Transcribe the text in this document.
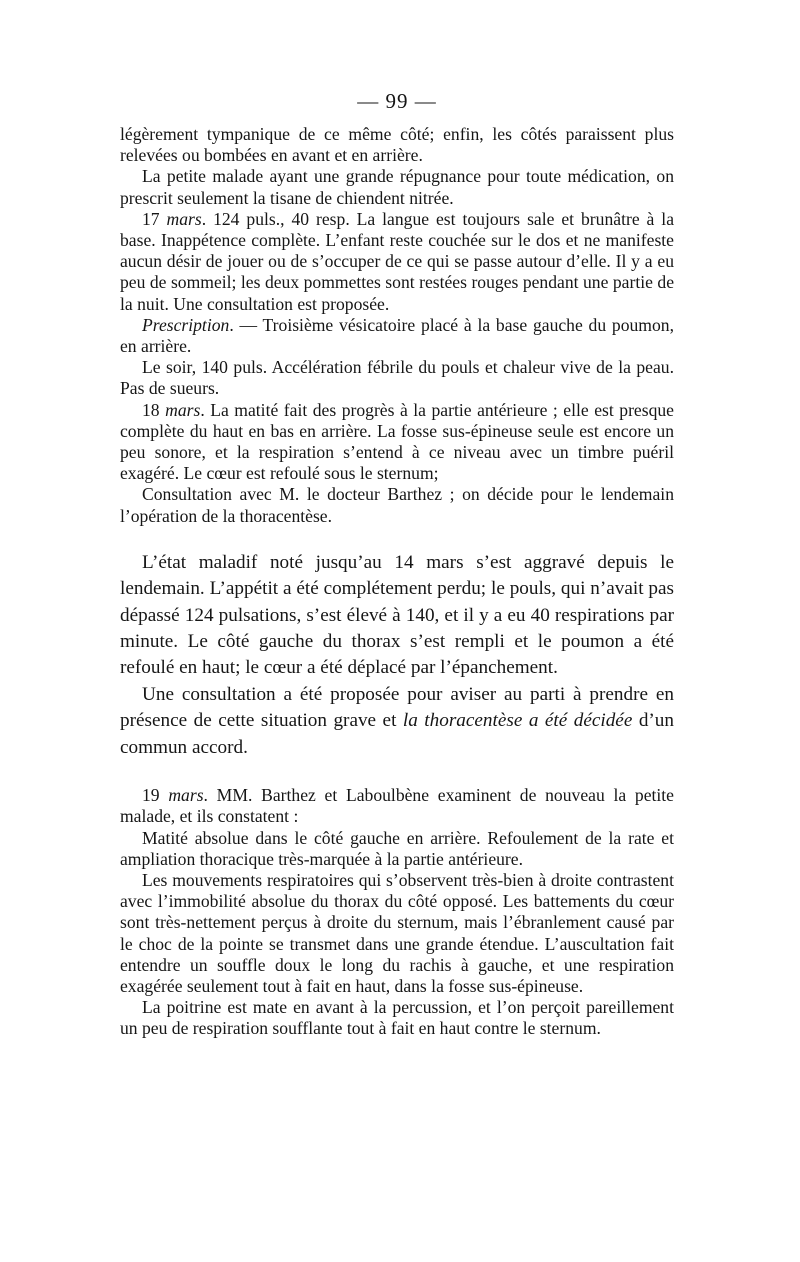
— 99 —

légèrement tympanique de ce même côté; enfin, les côtés paraissent plus relevées ou bombées en avant et en arrière.

La petite malade ayant une grande répugnance pour toute médication, on prescrit seulement la tisane de chiendent nitrée.

17 mars. 124 puls., 40 resp. La langue est toujours sale et brunâtre à la base. Inappétence complète. L’enfant reste couchée sur le dos et ne manifeste aucun désir de jouer ou de s’occuper de ce qui se passe autour d’elle. Il y a eu peu de sommeil; les deux pommettes sont restées rouges pendant une partie de la nuit. Une consultation est proposée.

Prescription. — Troisième vésicatoire placé à la base gauche du poumon, en arrière.

Le soir, 140 puls. Accélération fébrile du pouls et chaleur vive de la peau. Pas de sueurs.

18 mars. La matité fait des progrès à la partie antérieure ; elle est presque complète du haut en bas en arrière. La fosse sus-épineuse seule est encore un peu sonore, et la respiration s’entend à ce niveau avec un timbre puéril exagéré. Le cœur est refoulé sous le sternum;

Consultation avec M. le docteur Barthez ; on décide pour le lendemain l’opération de la thoracentèse.

L’état maladif noté jusqu’au 14 mars s’est aggravé depuis le lendemain. L’appétit a été complétement perdu; le pouls, qui n’avait pas dépassé 124 pulsations, s’est élevé à 140, et il y a eu 40 respirations par minute. Le côté gauche du thorax s’est rempli et le poumon a été refoulé en haut; le cœur a été déplacé par l’épanchement.

Une consultation a été proposée pour aviser au parti à prendre en présence de cette situation grave et la thoracentèse a été décidée d’un commun accord.

19 mars. MM. Barthez et Laboulbène examinent de nouveau la petite malade, et ils constatent :

Matité absolue dans le côté gauche en arrière. Refoulement de la rate et ampliation thoracique très-marquée à la partie antérieure.

Les mouvements respiratoires qui s’observent très-bien à droite contrastent avec l’immobilité absolue du thorax du côté opposé. Les battements du cœur sont très-nettement perçus à droite du sternum, mais l’ébranlement causé par le choc de la pointe se transmet dans une grande étendue. L’auscultation fait entendre un souffle doux le long du rachis à gauche, et une respiration exagérée seulement tout à fait en haut, dans la fosse sus-épineuse.

La poitrine est mate en avant à la percussion, et l’on perçoit pareillement un peu de respiration soufflante tout à fait en haut contre le sternum.
